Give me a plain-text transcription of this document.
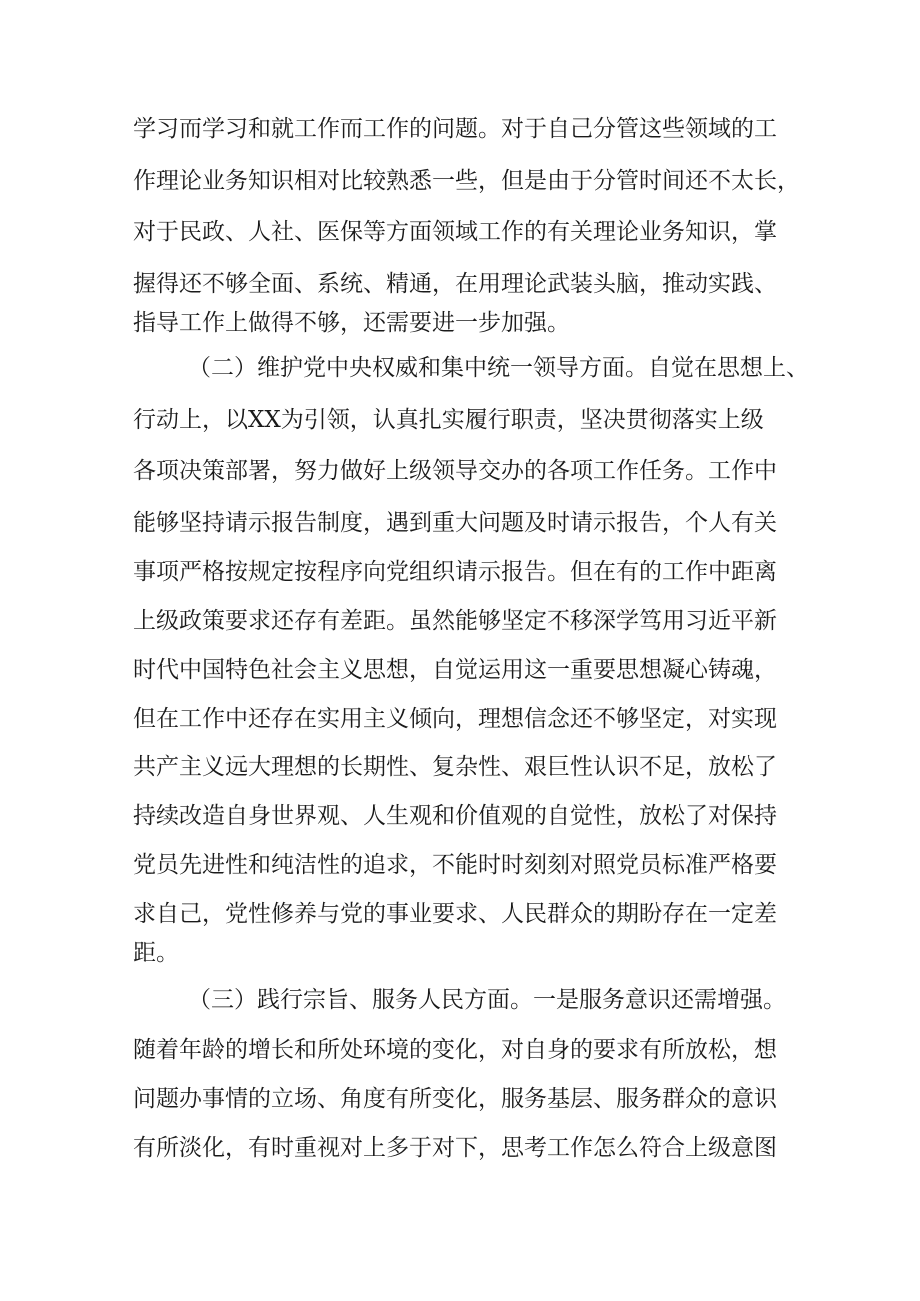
学习而学习和就工作而工作的问题。对于自己分管这些领域的工
作理论业务知识相对比较熟悉一些，但是由于分管时间还不太长，
对于民政、人社、医保等方面领域工作的有关理论业务知识，掌
握得还不够全面、系统、精通，在用理论武装头脑，推动实践、
指导工作上做得不够，还需要进一步加强。
（二）维护党中央权威和集中统一领导方面。自觉在思想上、
行动上，以XX为引领，认真扎实履行职责，坚决贯彻落实上级
各项决策部署，努力做好上级领导交办的各项工作任务。工作中
能够坚持请示报告制度，遇到重大问题及时请示报告，个人有关
事项严格按规定按程序向党组织请示报告。但在有的工作中距离
上级政策要求还存有差距。虽然能够坚定不移深学笃用习近平新
时代中国特色社会主义思想，自觉运用这一重要思想凝心铸魂，
但在工作中还存在实用主义倾向，理想信念还不够坚定，对实现
共产主义远大理想的长期性、复杂性、艰巨性认识不足，放松了
持续改造自身世界观、人生观和价值观的自觉性，放松了对保持
党员先进性和纯洁性的追求，不能时时刻刻对照党员标准严格要
求自己，党性修养与党的事业要求、人民群众的期盼存在一定差
距。
（三）践行宗旨、服务人民方面。一是服务意识还需增强。
随着年龄的增长和所处环境的变化，对自身的要求有所放松，想
问题办事情的立场、角度有所变化，服务基层、服务群众的意识
有所淡化，有时重视对上多于对下，思考工作怎么符合上级意图
